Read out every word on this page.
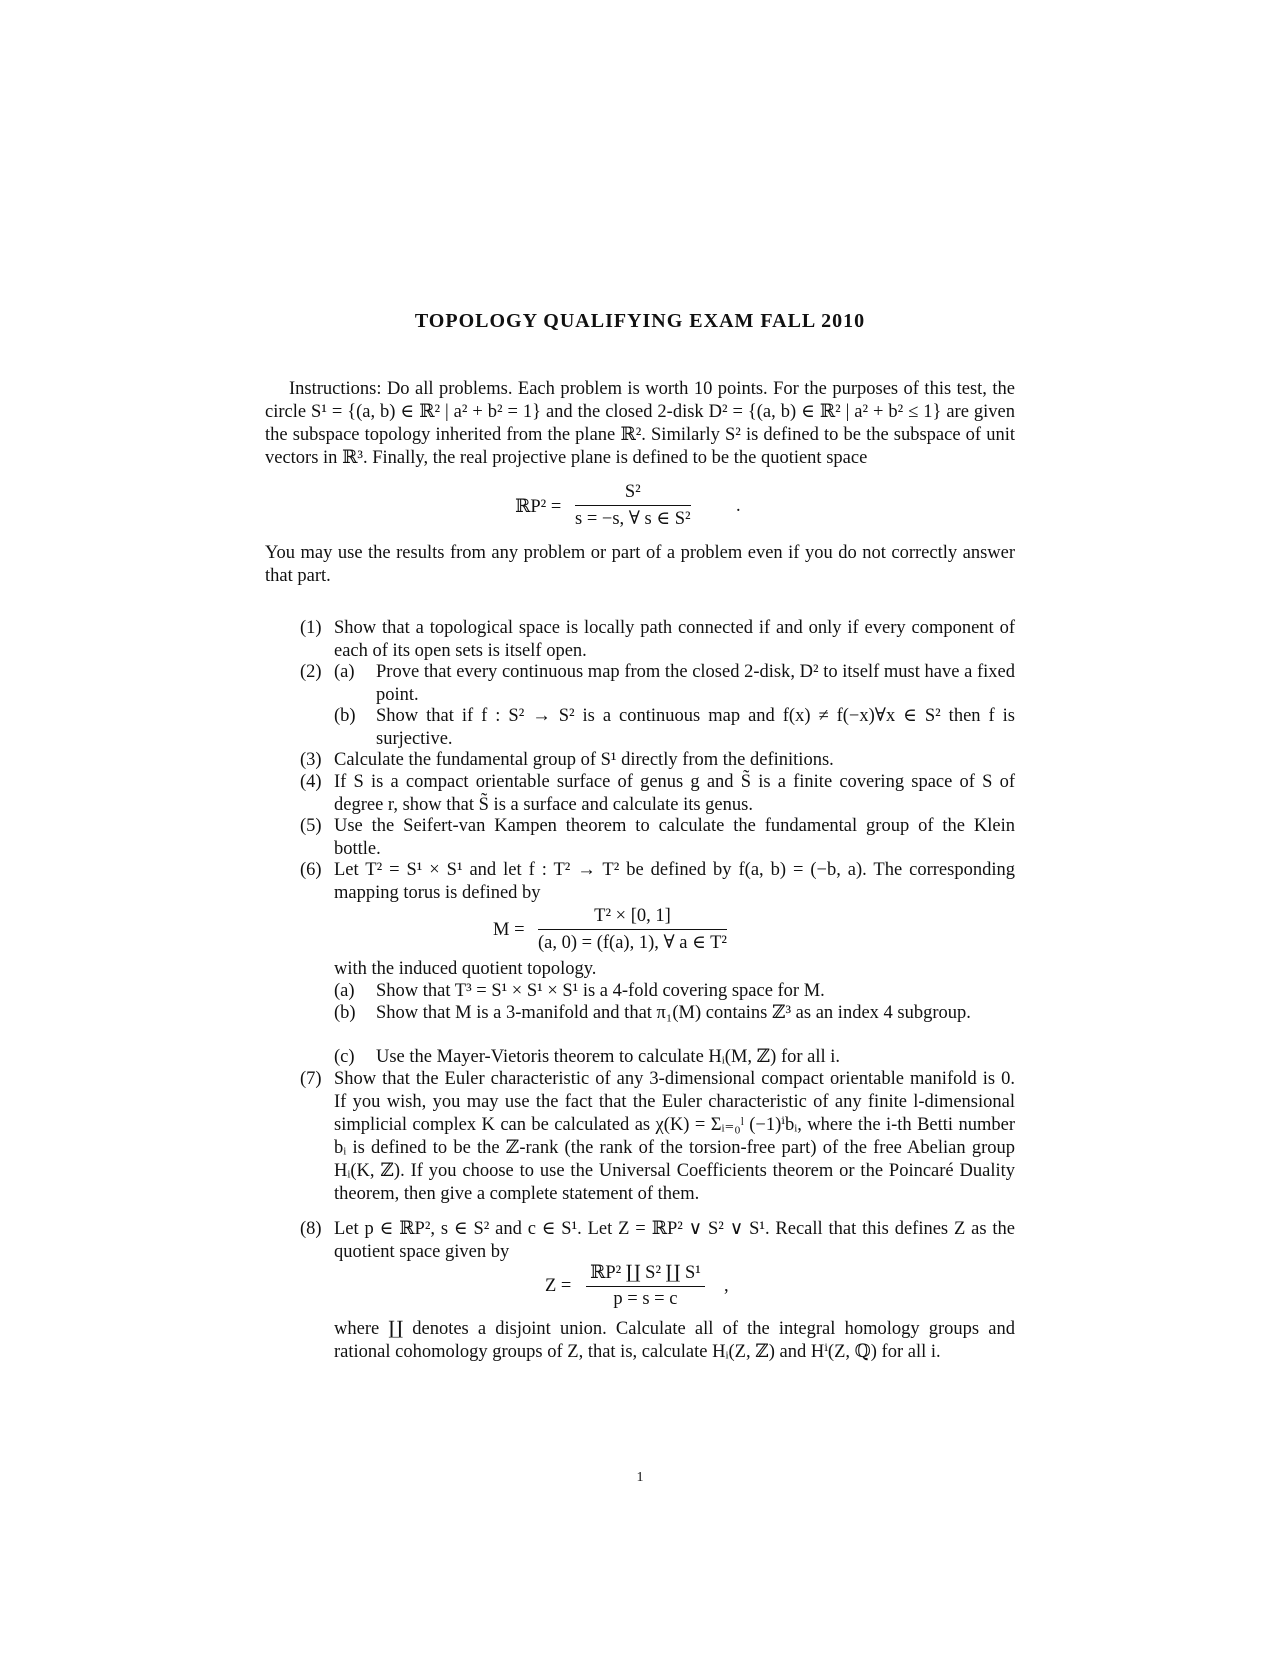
TOPOLOGY QUALIFYING EXAM FALL 2010
Instructions: Do all problems. Each problem is worth 10 points. For the purposes of this test, the circle S¹ = {(a, b) ∈ ℝ² | a² + b² = 1} and the closed 2-disk D² = {(a, b) ∈ ℝ² | a² + b² ≤ 1} are given the subspace topology inherited from the plane ℝ². Similarly S² is defined to be the subspace of unit vectors in ℝ³. Finally, the real projective plane is defined to be the quotient space
ℝP² = $\frac{\text{S²}}{\text{s = −s, ∀ s ∈ S²}}$ .
You may use the results from any problem or part of a problem even if you do not correctly answer that part.
(1) Show that a topological space is locally path connected if and only if every component of each of its open sets is itself open.
(2) (a) Prove that every continuous map from the closed 2-disk, D² to itself must have a fixed point.
(b) Show that if f : S² → S² is a continuous map and f(x) ≠ f(−x)∀x ∈ S² then f is surjective.
(3) Calculate the fundamental group of S¹ directly from the definitions.
(4) If S is a compact orientable surface of genus g and S̃ is a finite covering space of S of degree r, show that S̃ is a surface and calculate its genus.
(5) Use the Seifert-van Kampen theorem to calculate the fundamental group of the Klein bottle.
(6) Let T² = S¹ × S¹ and let f : T² → T² be defined by f(a, b) = (−b, a). The corresponding mapping torus is defined by
$M = \frac{\text{T² × [0, 1]}}{\text{(a, 0) = (f(a), 1), ∀ a ∈ T²}}$
with the induced quotient topology.
(a) Show that T³ = S¹ × S¹ × S¹ is a 4-fold covering space for M.
(b) Show that M is a 3-manifold and that π₁(M) contains ℤ³ as an index 4 subgroup.
(c) Use the Mayer-Vietoris theorem to calculate Hᵢ(M, ℤ) for all i.
(7) Show that the Euler characteristic of any 3-dimensional compact orientable manifold is 0. If you wish, you may use the fact that the Euler characteristic of any finite l-dimensional simplicial complex K can be calculated as χ(K) = Σᵢ₌₀ˡ (−1)ⁱbᵢ, where the i-th Betti number bᵢ is defined to be the ℤ-rank (the rank of the torsion-free part) of the free Abelian group Hᵢ(K, ℤ). If you choose to use the Universal Coefficients theorem or the Poincaré Duality theorem, then give a complete statement of them.
(8) Let p ∈ ℝP², s ∈ S² and c ∈ S¹. Let Z = ℝP² ∨ S² ∨ S¹. Recall that this defines Z as the quotient space given by
Z =
ℝP² ∐ S² ∐ S¹
p = s = c
,
where ∐ denotes a disjoint union. Calculate all of the integral homology groups and rational cohomology groups of Z, that is, calculate Hᵢ(Z, ℤ) and Hⁱ(Z, ℚ) for all i.
1
